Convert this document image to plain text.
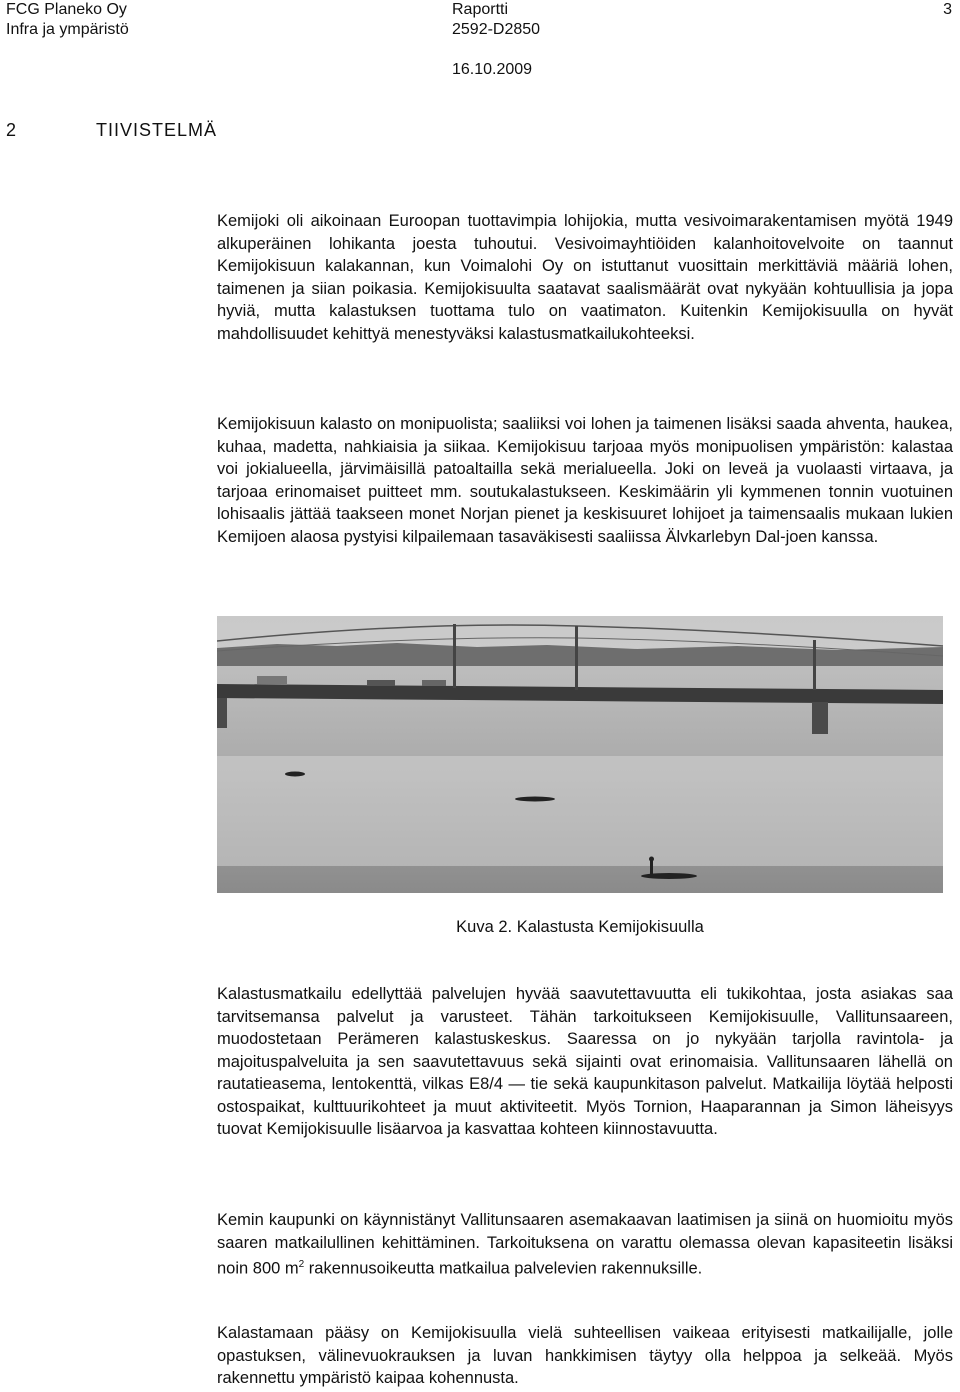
FCG Planeko Oy
Infra ja ympäristö
Raportti
2592-D2850
3
16.10.2009
2	TIIVISTELMÄ

Kemijoki oli aikoinaan Euroopan tuottavimpia lohijokia, mutta vesivoimarakentamisen myötä 1949 alkuperäinen lohikanta joesta tuhoutui. Vesivoimayhtiöiden kalanhoitovelvoite on taannut Kemijokisuun kalakannan, kun Voimalohi Oy on istuttanut vuosittain merkittäviä määriä lohen, taimenen ja siian poikasia. Kemijokisuulta saatavat saalismäärät ovat nykyään kohtuullisia ja jopa hyviä, mutta kalastuksen tuottama tulo on vaatimaton. Kuitenkin Kemijokisuulla on hyvät mahdollisuudet kehittyä menestyväksi kalastusmatkailukohteeksi.

Kemijokisuun kalasto on monipuolista; saaliiksi voi lohen ja taimenen lisäksi saada ahventa, haukea, kuhaa, madetta, nahkiaisia ja siikaa. Kemijokisuu tarjoaa myös monipuolisen ympäristön: kalastaa voi jokialueella, järvimäisillä patoaltailla sekä merialueella. Joki on leveä ja vuolaasti virtaava, ja tarjoaa erinomaiset puitteet mm. soutukalastukseen. Keskimäärin yli kymmenen tonnin vuotuinen lohisaalis jättää taakseen monet Norjan pienet ja keskisuuret lohijoet ja taimensaalis mukaan lukien Kemijoen alaosa pystyisi kilpailemaan tasaväkisesti saaliissa Älvkarlebyn Dal-joen kanssa.

Kuva 2. Kalastusta Kemijokisuulla

Kalastusmatkailu edellyttää palvelujen hyvää saavutettavuutta eli tukikohtaa, josta asiakas saa tarvitsemansa palvelut ja varusteet. Tähän tarkoitukseen Kemijokisuulle, Vallitunsaareen, muodostetaan Perämeren kalastuskeskus. Saaressa on jo nykyään tarjolla ravintola- ja majoituspalveluita ja sen saavutettavuus sekä sijainti ovat erinomaisia. Vallitunsaaren lähellä on rautatieasema, lentokenttä, vilkas E8/4 — tie sekä kaupunkitason palvelut. Matkailija löytää helposti ostospaikat, kulttuurikohteet ja muut aktiviteetit. Myös Tornion, Haaparannan ja Simon läheisyys tuovat Kemijokisuulle lisäarvoa ja kasvattaa kohteen kiinnostavuutta.

Kemin kaupunki on käynnistänyt Vallitunsaaren asemakaavan laatimisen ja siinä on huomioitu myös saaren matkailullinen kehittäminen. Tarkoituksena on varattu olemassa olevan kapasiteetin lisäksi noin 800 $m^2$ rakennusoikeutta matkailua palvelevien rakennuksille.

Kalastamaan pääsy on Kemijokisuulla vielä suhteellisen vaikeaa erityisesti matkailijalle, jolle opastuksen, välinevuokrauksen ja luvan hankkimisen täytyy olla helppoa ja selkeää. Myös rakennettu ympäristö kaipaa kohennusta.
